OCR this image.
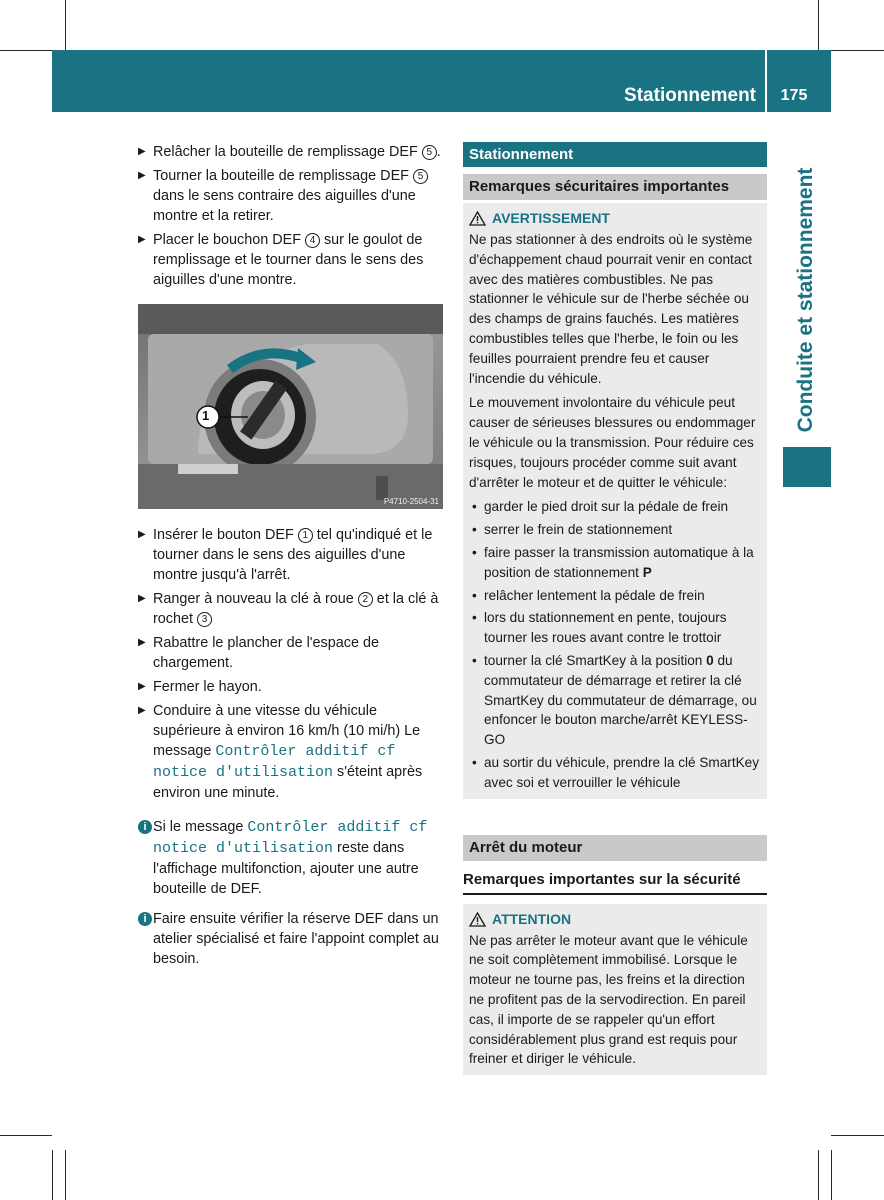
Stationnement	175
Conduite et stationnement
▶ Relâcher la bouteille de remplissage DEF 5 .
▶ Tourner la bouteille de remplissage DEF 5 dans le sens contraire des aiguilles d'une montre et la retirer.
▶ Placer le bouchon DEF 4 sur le goulot de remplissage et le tourner dans le sens des aiguilles d'une montre.
1
P4710-2504-31
▶ Insérer le bouton DEF 1 tel qu'indiqué et le tourner dans le sens des aiguilles d'une montre jusqu'à l'arrêt.
▶ Ranger à nouveau la clé à roue 2 et la clé à rochet 3
▶ Rabattre le plancher de l'espace de chargement.
▶ Fermer le hayon.
▶ Conduire à une vitesse du véhicule supérieure à environ 16 km/h (10 mi/h) Le message Contrôler additif cf notice d'utilisation s'éteint après environ une minute.
i Si le message Contrôler additif cf notice d'utilisation reste dans l'affichage multifonction, ajouter une autre bouteille de DEF.
i Faire ensuite vérifier la réserve DEF dans un atelier spécialisé et faire l'appoint complet au besoin.
Stationnement
Remarques sécuritaires importantes
AVERTISSEMENT

Ne pas stationner à des endroits où le système d'échappement chaud pourrait venir en contact avec des matières combustibles. Ne pas stationner le véhicule sur de l'herbe séchée ou des champs de grains fauchés. Les matières combustibles telles que l'herbe, le foin ou les feuilles pourraient prendre feu et causer l'incendie du véhicule.

Le mouvement involontaire du véhicule peut causer de sérieuses blessures ou endommager le véhicule ou la transmission. Pour réduire ces risques, toujours procéder comme suit avant d'arrêter le moteur et de quitter le véhicule:

• garder le pied droit sur la pédale de frein
• serrer le frein de stationnement
• faire passer la transmission automatique à la position de stationnement P
• relâcher lentement la pédale de frein
• lors du stationnement en pente, toujours tourner les roues avant contre le trottoir
• tourner la clé SmartKey à la position 0 du commutateur de démarrage et retirer la clé SmartKey du commutateur de démarrage, ou enfoncer le bouton marche/arrêt KEYLESS-GO
• au sortir du véhicule, prendre la clé SmartKey avec soi et verrouiller le véhicule
Arrêt du moteur
Remarques importantes sur la sécurité
ATTENTION

Ne pas arrêter le moteur avant que le véhicule ne soit complètement immobilisé. Lorsque le moteur ne tourne pas, les freins et la direction ne profitent pas de la servodirection. En pareil cas, il importe de se rappeler qu'un effort considérablement plus grand est requis pour freiner et diriger le véhicule.
